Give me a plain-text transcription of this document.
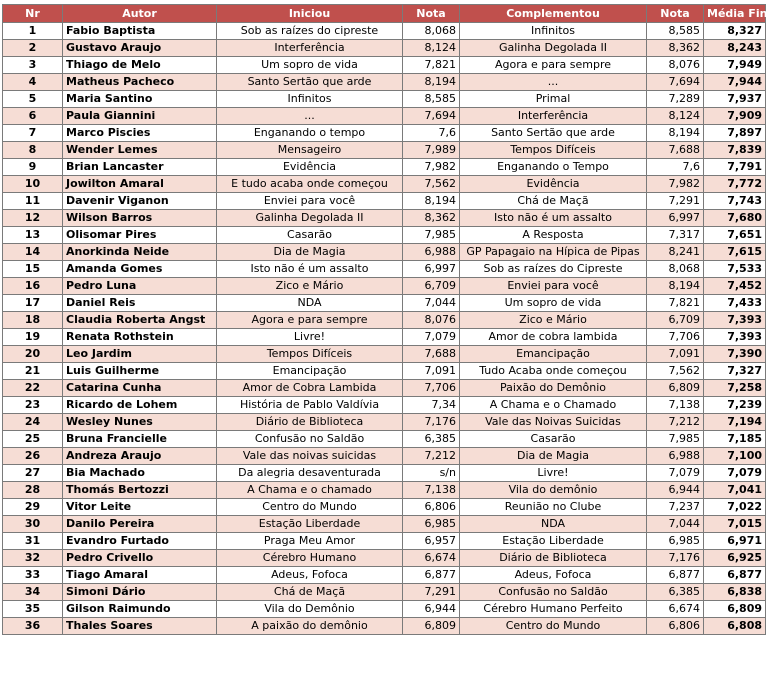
Nr	Autor	Iniciou	Nota	Complementou	Nota	Média Final
1	Fabio Baptista	Sob as raízes do cipreste	8,068	Infinitos	8,585	8,327
2	Gustavo Araujo	Interferência	8,124	Galinha Degolada II	8,362	8,243
3	Thiago de Melo	Um sopro de vida	7,821	Agora e para sempre	8,076	7,949
4	Matheus Pacheco	Santo Sertão que arde	8,194	...	7,694	7,944
5	Maria Santino	Infinitos	8,585	Primal	7,289	7,937
6	Paula Giannini	...	7,694	Interferência	8,124	7,909
7	Marco Piscies	Enganando o tempo	7,6	Santo Sertão que arde	8,194	7,897
8	Wender Lemes	Mensageiro	7,989	Tempos Difíceis	7,688	7,839
9	Brian Lancaster	Evidência	7,982	Enganando o Tempo	7,6	7,791
10	Jowilton Amaral	E tudo acaba onde começou	7,562	Evidência	7,982	7,772
11	Davenir Viganon	Enviei para você	8,194	Chá de Maçã	7,291	7,743
12	Wilson Barros	Galinha Degolada II	8,362	Isto não é um assalto	6,997	7,680
13	Olisomar Pires	Casarão	7,985	A Resposta	7,317	7,651
14	Anorkinda Neide	Dia de Magia	6,988	GP Papagaio na Hípica de Pipas	8,241	7,615
15	Amanda Gomes	Isto não é um assalto	6,997	Sob as raízes do Cipreste	8,068	7,533
16	Pedro Luna	Zico e Mário	6,709	Enviei para você	8,194	7,452
17	Daniel Reis	NDA	7,044	Um sopro de vida	7,821	7,433
18	Claudia Roberta Angst	Agora e para sempre	8,076	Zico e Mário	6,709	7,393
19	Renata Rothstein	Livre!	7,079	Amor de cobra lambida	7,706	7,393
20	Leo Jardim	Tempos Difíceis	7,688	Emancipação	7,091	7,390
21	Luis Guilherme	Emancipação	7,091	Tudo Acaba onde começou	7,562	7,327
22	Catarina Cunha	Amor de Cobra Lambida	7,706	Paixão do Demônio	6,809	7,258
23	Ricardo de Lohem	História de Pablo Valdívia	7,34	A Chama e o Chamado	7,138	7,239
24	Wesley Nunes	Diário de Biblioteca	7,176	Vale das Noivas Suicidas	7,212	7,194
25	Bruna Francielle	Confusão no Saldão	6,385	Casarão	7,985	7,185
26	Andreza Araujo	Vale das noivas suicidas	7,212	Dia de Magia	6,988	7,100
27	Bia Machado	Da alegria desaventurada	s/n	Livre!	7,079	7,079
28	Thomás Bertozzi	A Chama e o chamado	7,138	Vila do demônio	6,944	7,041
29	Vitor Leite	Centro do Mundo	6,806	Reunião no Clube	7,237	7,022
30	Danilo Pereira	Estação Liberdade	6,985	NDA	7,044	7,015
31	Evandro Furtado	Praga Meu Amor	6,957	Estação Liberdade	6,985	6,971
32	Pedro Crivello	Cérebro Humano	6,674	Diário de Biblioteca	7,176	6,925
33	Tiago Amaral	Adeus, Fofoca	6,877	Adeus, Fofoca	6,877	6,877
34	Simoni Dário	Chá de Maçã	7,291	Confusão no Saldão	6,385	6,838
35	Gilson Raimundo	Vila do Demônio	6,944	Cérebro Humano Perfeito	6,674	6,809
36	Thales Soares	A paixão do demônio	6,809	Centro do Mundo	6,806	6,808
